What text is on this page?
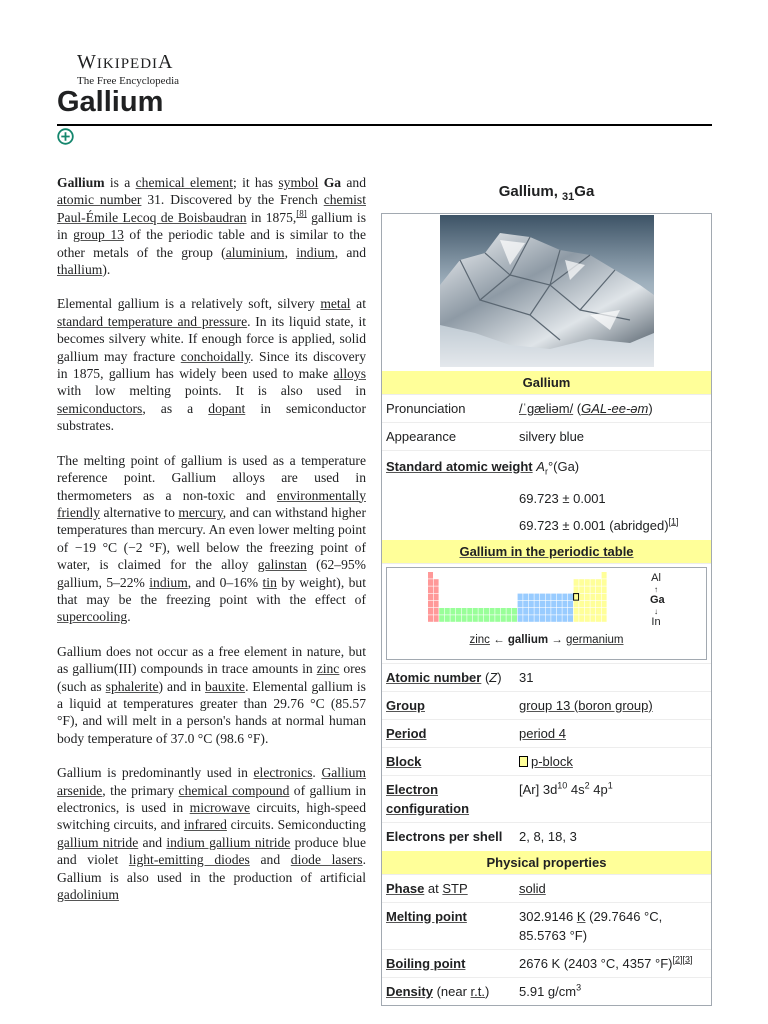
WIKIPEDIA
The Free Encyclopedia
Gallium

Gallium is a chemical element; it has symbol Ga and atomic number 31. Discovered by the French chemist Paul-Émile Lecoq de Boisbaudran in 1875,[8] gallium is in group 13 of the periodic table and is similar to the other metals of the group (aluminium, indium, and thallium).

Elemental gallium is a relatively soft, silvery metal at standard temperature and pressure. In its liquid state, it becomes silvery white. If enough force is applied, solid gallium may fracture conchoidally. Since its discovery in 1875, gallium has widely been used to make alloys with low melting points. It is also used in semiconductors, as a dopant in semiconductor substrates.

The melting point of gallium is used as a temperature reference point. Gallium alloys are used in thermometers as a non-toxic and environmentally friendly alternative to mercury, and can withstand higher temperatures than mercury. An even lower melting point of −19 °C (−2 °F), well below the freezing point of water, is claimed for the alloy galinstan (62–95% gallium, 5–22% indium, and 0–16% tin by weight), but that may be the freezing point with the effect of supercooling.

Gallium does not occur as a free element in nature, but as gallium(III) compounds in trace amounts in zinc ores (such as sphalerite) and in bauxite. Elemental gallium is a liquid at temperatures greater than 29.76 °C (85.57 °F), and will melt in a person's hands at normal human body temperature of 37.0 °C (98.6 °F).

Gallium is predominantly used in electronics. Gallium arsenide, the primary chemical compound of gallium in electronics, is used in microwave circuits, high-speed switching circuits, and infrared circuits. Semiconducting gallium nitride and indium gallium nitride produce blue and violet light-emitting diodes and diode lasers. Gallium is also used in the production of artificial gadolinium

Gallium, $_{31}$Ga
Gallium
Pronunciation	/ˈɡæliəm/ (GAL-ee-əm)
Appearance	silvery blue
Standard atomic weight $A_r^\circ(Ga)$
69.723 ± 0.001
69.723 ± 0.001 (abridged)[1]
Gallium in the periodic table
Al
↑
Ga
↓
In
zinc ← gallium → germanium
Atomic number (Z)	31
Group	group 13 (boron group)
Period	period 4
Block	p-block
Electron configuration
[Ar] $3d^{10}$ $4s^2$ $4p^1$
Electrons per shell	2, 8, 18, 3
Physical properties
Phase at STP	solid
Melting point	302.9146 K (29.7646 °C, 85.5763 °F)
Boiling point	2676 K (2403 °C, 4357 °F)[2][3]
Density (near r.t.)	5.91 $g/cm^3$
